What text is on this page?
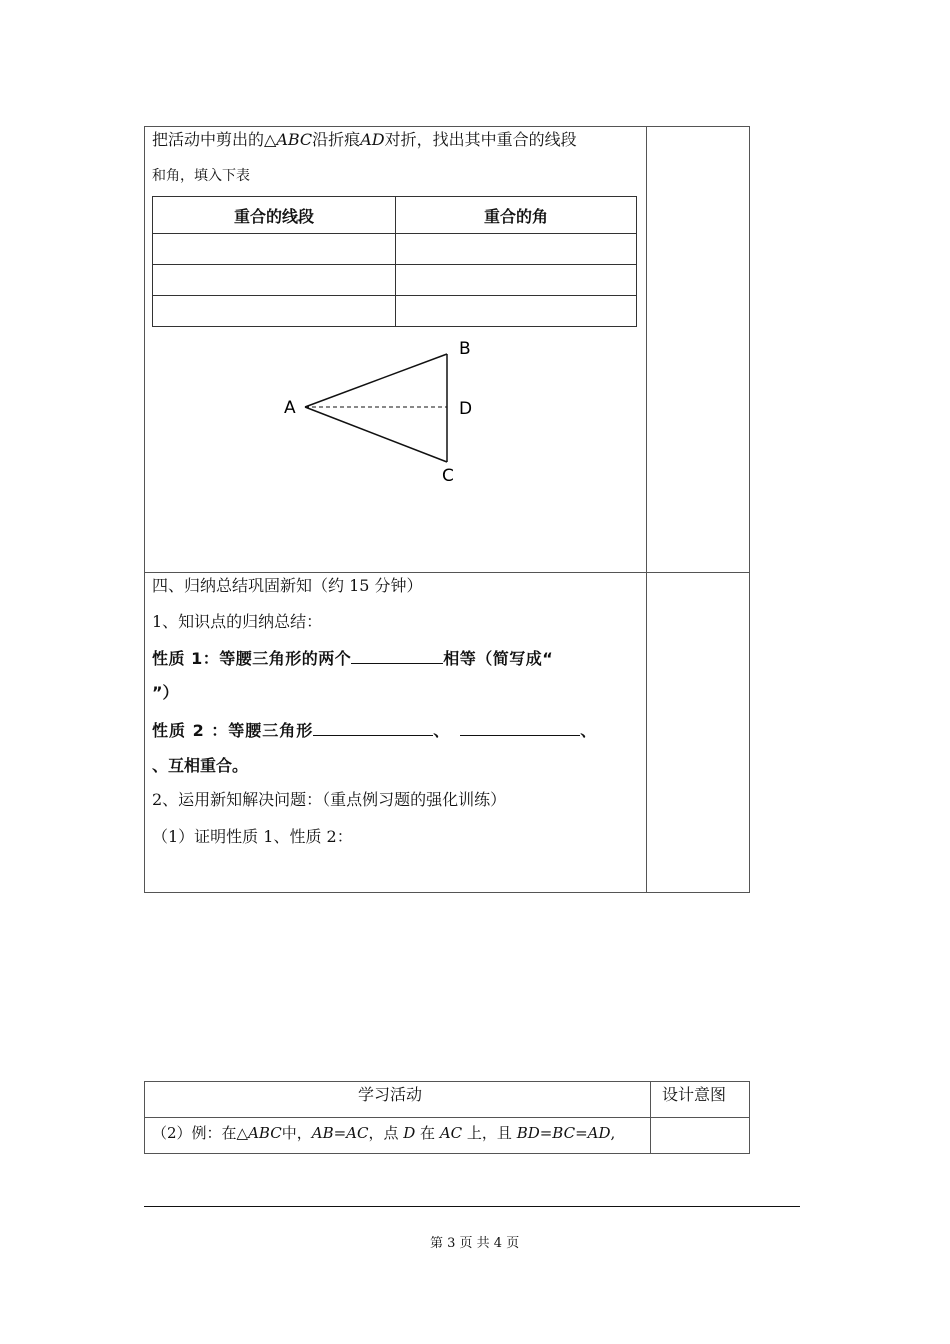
把活动中剪出的△ABC沿折痕AD对折，找出其中重合的线段
和角，填入下表
重合的线段	重合的角

A
B
D
C
四、归纳总结巩固新知（约 15 分钟）
1、知识点的归纳总结：
性质 1：等腰三角形的两个	相等（简写成“
”）
性质 2 ：等腰三角形	、	、
、互相重合。
2、运用新知解决问题：（重点例习题的强化训练）
（1）证明性质 1、性质 2：
学习活动	设计意图
（2）例：在△ABC中，AB=AC，点 D 在 AC 上，且 BD=BC=AD,
第 3 页 共 4 页
